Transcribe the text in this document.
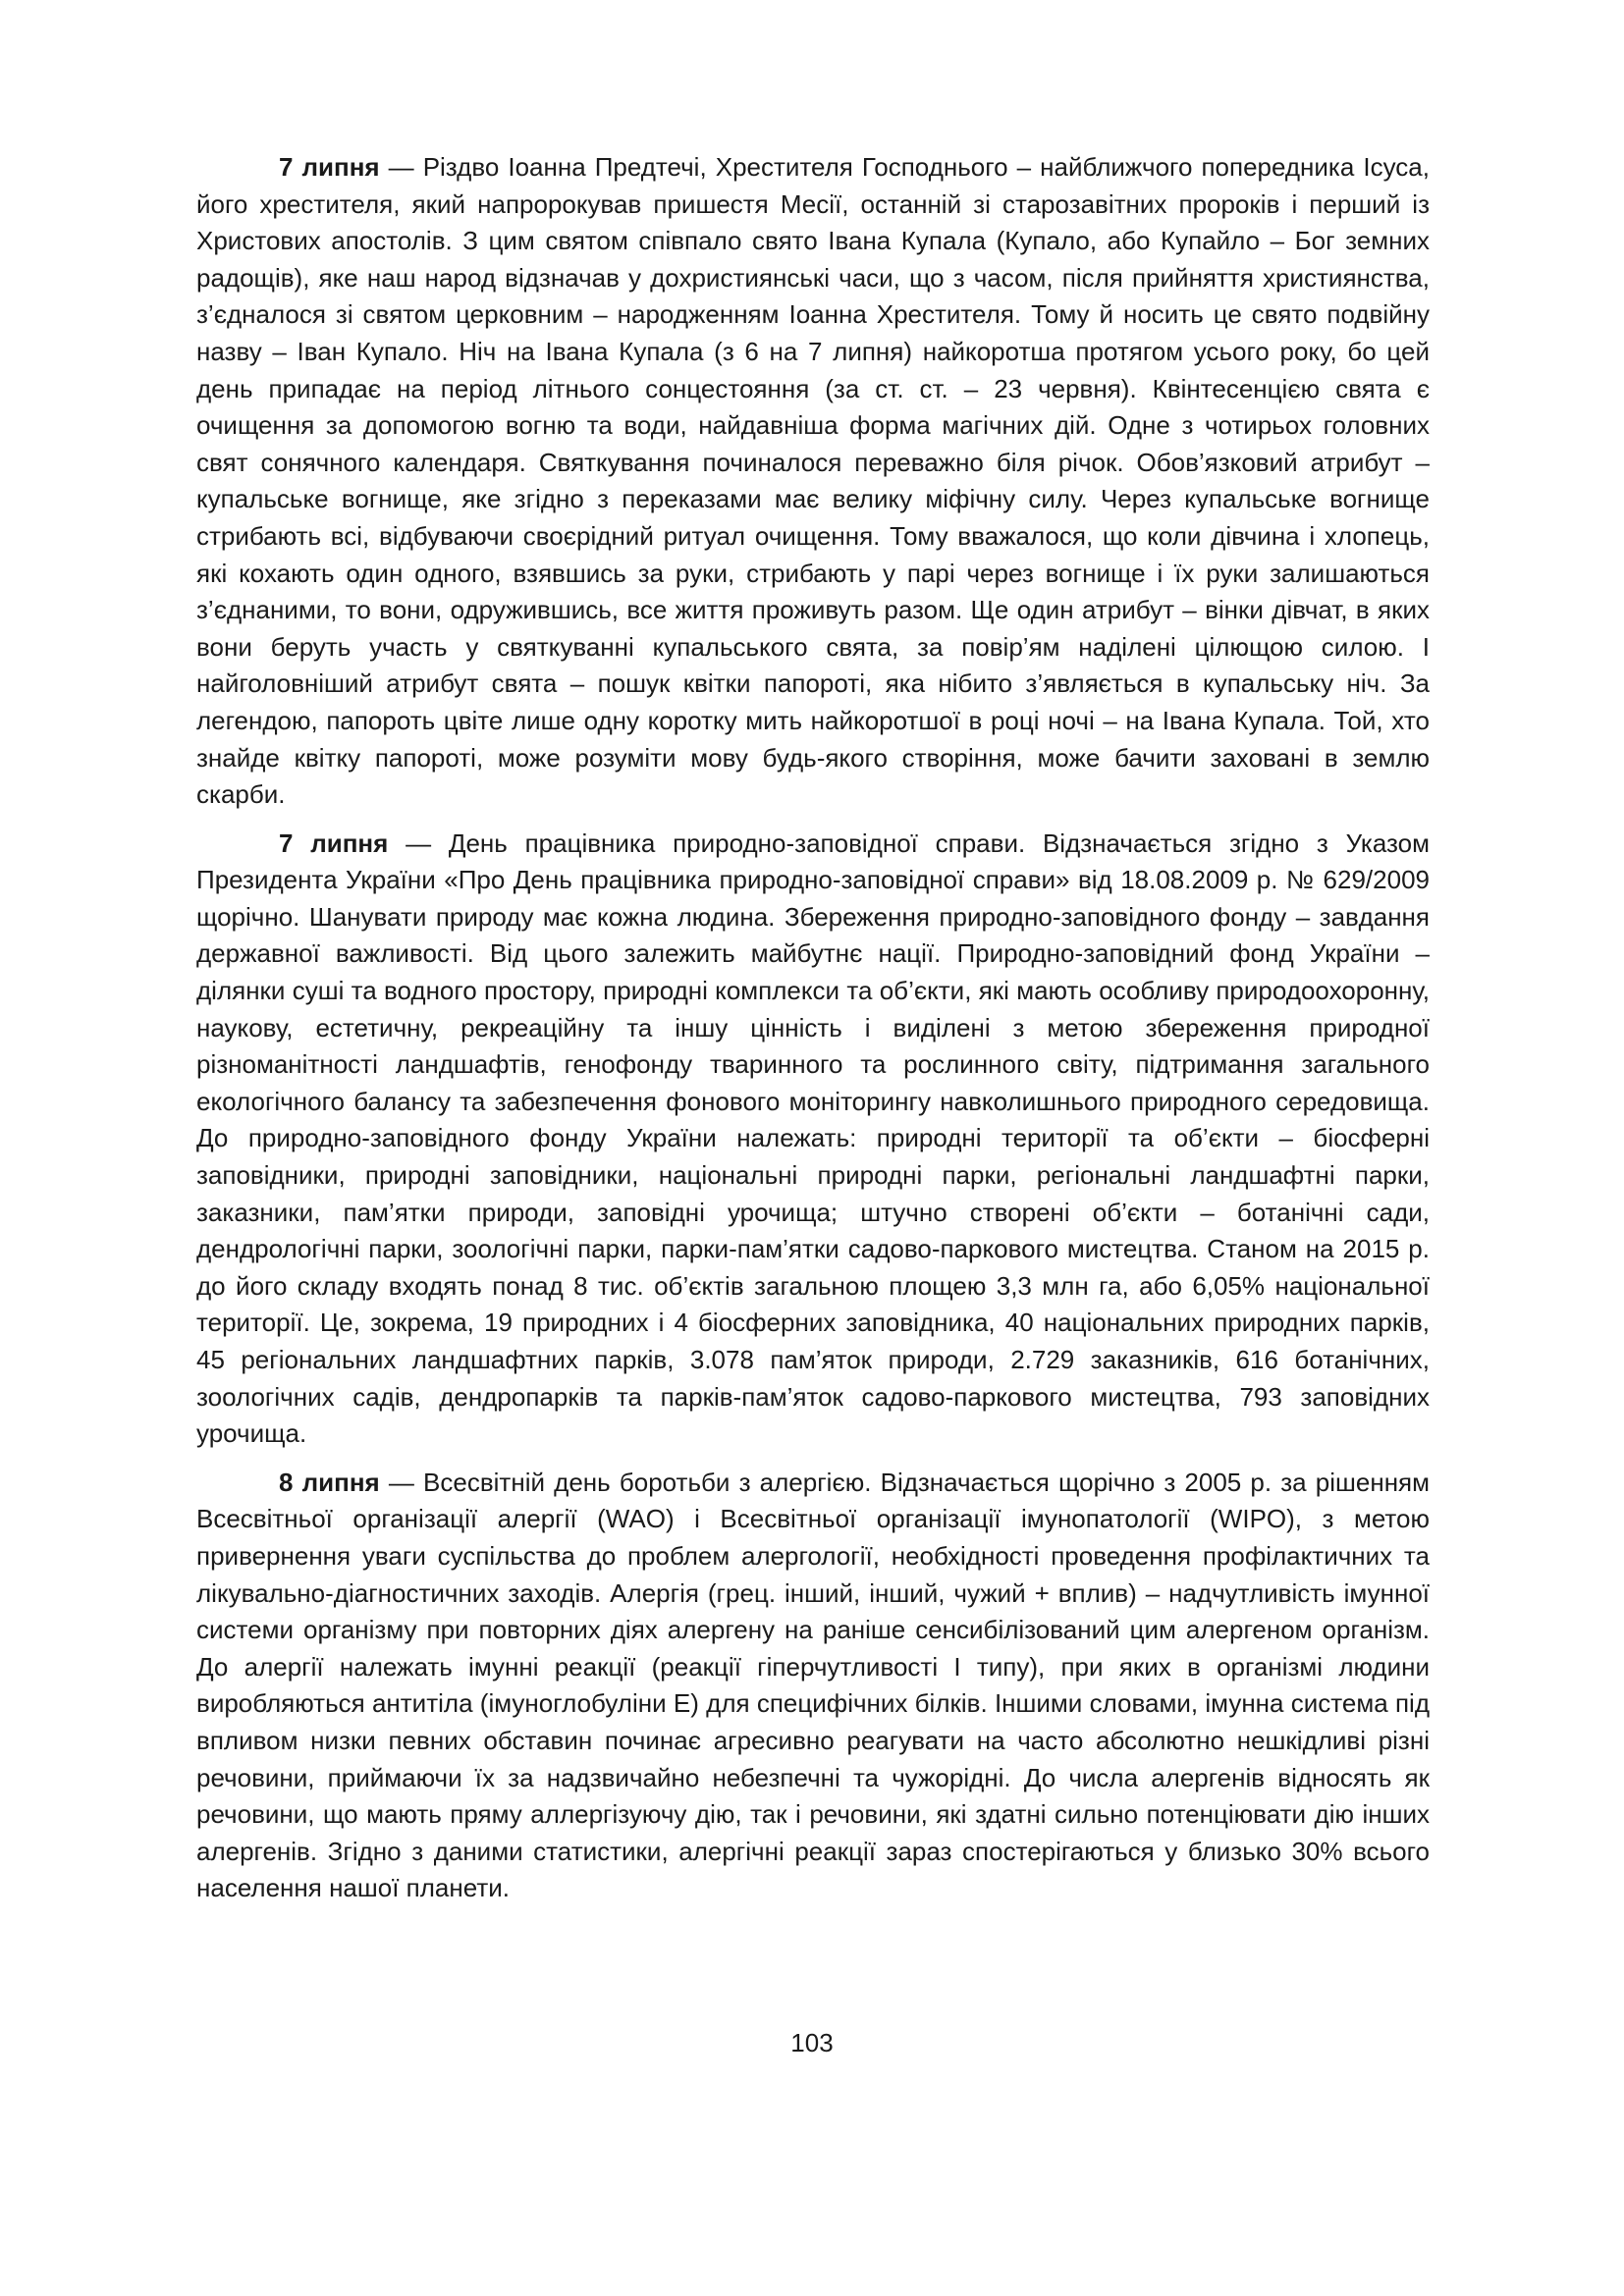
7 липня — Різдво Іоанна Предтечі, Хрестителя Господнього – найближчого попередника Ісуса, його хрестителя, який напророкував пришестя Месії, останній зі старозавітних пророків і перший із Христових апостолів. З цим святом співпало свято Івана Купала (Купало, або Купайло – Бог земних радощів), яке наш народ відзначав у дохристиянські часи, що з часом, після прийняття християнства, з’єдналося зі святом церковним – народженням Іоанна Хрестителя. Тому й носить це свято подвійну назву – Іван Купало. Ніч на Івана Купала (з 6 на 7 липня) найкоротша протягом усього року, бо цей день припадає на період літнього сонцестояння (за ст. ст. – 23 червня). Квінтесенцією свята є очищення за допомогою вогню та води, найдавніша форма магічних дій. Одне з чотирьох головних свят сонячного календаря. Святкування починалося переважно біля річок. Обов’язковий атрибут – купальське вогнище, яке згідно з переказами має велику міфічну силу. Через купальське вогнище стрибають всі, відбуваючи своєрідний ритуал очищення. Тому вважалося, що коли дівчина і хлопець, які кохають один одного, взявшись за руки, стрибають у парі через вогнище і їх руки залишаються з’єднаними, то вони, одружившись, все життя проживуть разом. Ще один атрибут – вінки дівчат, в яких вони беруть участь у святкуванні купальського свята, за повір’ям наділені цілющою силою. І найголовніший атрибут свята – пошук квітки папороті, яка нібито з’являється в купальську ніч. За легендою, папороть цвіте лише одну коротку мить найкоротшої в році ночі – на Івана Купала. Той, хто знайде квітку папороті, може розуміти мову будь-якого створіння, може бачити заховані в землю скарби.

7 липня — День працівника природно-заповідної справи. Відзначається згідно з Указом Президента України «Про День працівника природно-заповідної справи» від 18.08.2009 р. № 629/2009 щорічно. Шанувати природу має кожна людина. Збереження природно-заповідного фонду – завдання державної важливості. Від цього залежить майбутнє нації. Природно-заповідний фонд України – ділянки суші та водного простору, природні комплекси та об’єкти, які мають особливу природоохоронну, наукову, естетичну, рекреаційну та іншу цінність і виділені з метою збереження природної різноманітності ландшафтів, генофонду тваринного та рослинного світу, підтримання загального екологічного балансу та забезпечення фонового моніторингу навколишнього природного середовища. До природно-заповідного фонду України належать: природні території та об’єкти – біосферні заповідники, природні заповідники, національні природні парки, регіональні ландшафтні парки, заказники, пам’ятки природи, заповідні урочища; штучно створені об’єкти – ботанічні сади, дендрологічні парки, зоологічні парки, парки-пам’ятки садово-паркового мистецтва. Станом на 2015 р. до його складу входять понад 8 тис. об’єктів загальною площею 3,3 млн га, або 6,05% національної території. Це, зокрема, 19 природних і 4 біосферних заповідника, 40 національних природних парків, 45 регіональних ландшафтних парків, 3.078 пам’яток природи, 2.729 заказників, 616 ботанічних, зоологічних садів, дендропарків та парків-пам’яток садово-паркового мистецтва, 793 заповідних урочища.

8 липня — Всесвітній день боротьби з алергією. Відзначається щорічно з 2005 р. за рішенням Всесвітньої організації алергії (WAO) і Всесвітньої організації імунопатології (WIPO), з метою привернення уваги суспільства до проблем алергології, необхідності проведення профілактичних та лікувально-діагностичних заходів. Алергія (грец. інший, інший, чужий + вплив) – надчутливість імунної системи організму при повторних діях алергену на раніше сенсибілізований цим алергеном організм. До алергії належать імунні реакції (реакції гіперчутливості I типу), при яких в організмі людини виробляються антитіла (імуноглобуліни Е) для специфічних білків. Іншими словами, імунна система під впливом низки певних обставин починає агресивно реагувати на часто абсолютно нешкідливі різні речовини, приймаючи їх за надзвичайно небезпечні та чужорідні. До числа алергенів відносять як речовини, що мають пряму аллергізуючу дію, так і речовини, які здатні сильно потенціювати дію інших алергенів. Згідно з даними статистики, алергічні реакції зараз спостерігаються у близько 30% всього населення нашої планети.

103
